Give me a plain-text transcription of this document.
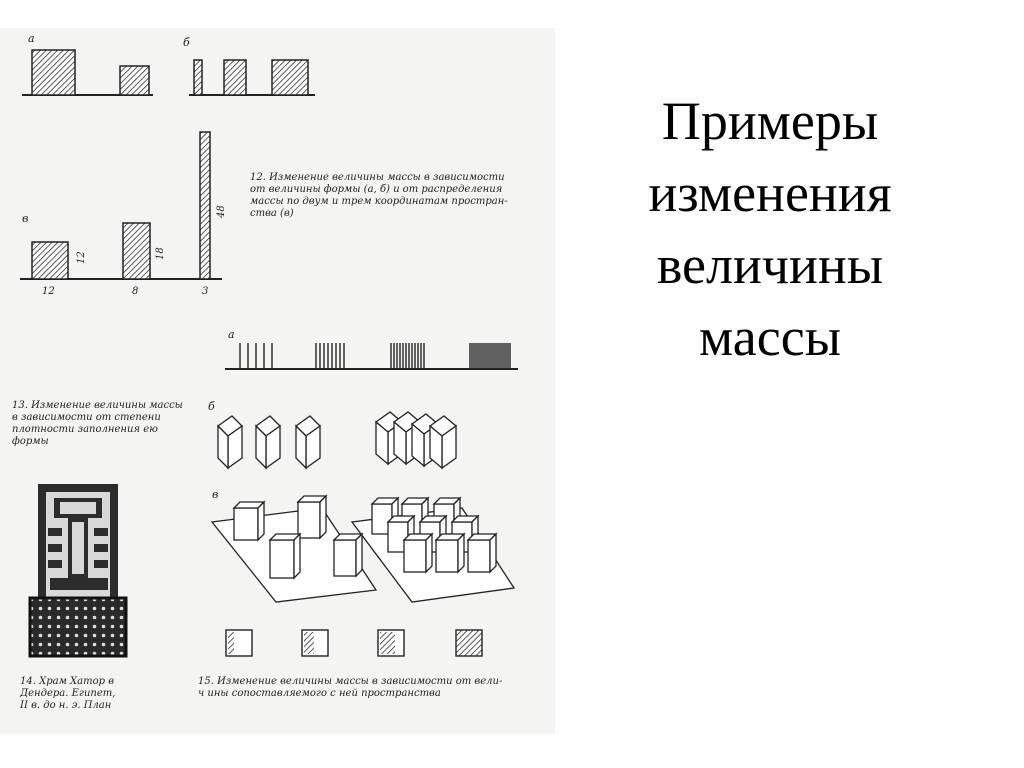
а	б
в
12	18
48
12	8	3
а
б
в
12. Изменение величины массы в зависимости
от величины формы (а, б) и от распределения
массы по двум и трем координатам простран-
ства (в)
13. Изменение величины массы
в зависимости от степени
плотности заполнения ею
формы
14. Храм Хатор в
Дендера. Египет,
II в. до н. э. План
15. Изменение величины массы в зависимости от вели-
ч ины сопоставляемого с ней пространства
Примеры
изменения
величины
массы
